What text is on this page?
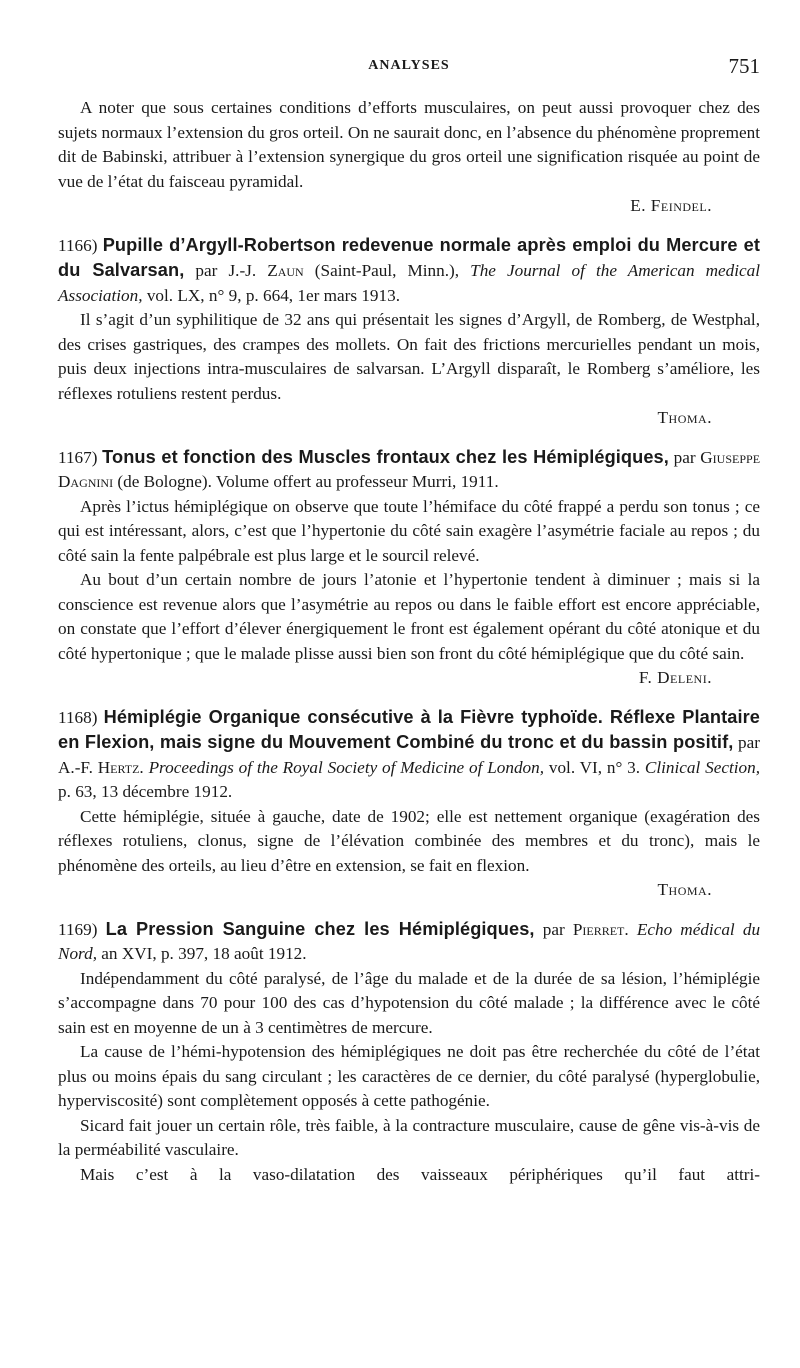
ANALYSES	751

A noter que sous certaines conditions d’efforts musculaires, on peut aussi provoquer chez des sujets normaux l’extension du gros orteil. On ne saurait donc, en l’absence du phénomène proprement dit de Babinski, attribuer à l’extension synergique du gros orteil une signification risquée au point de vue de l’état du faisceau pyramidal.

E. Feindel.

1166) Pupille d’Argyll-Robertson redevenue normale après emploi du Mercure et du Salvarsan, par J.-J. Zaun (Saint-Paul, Minn.), The Journal of the American medical Association, vol. LX, n° 9, p. 664, 1er mars 1913.

Il s’agit d’un syphilitique de 32 ans qui présentait les signes d’Argyll, de Romberg, de Westphal, des crises gastriques, des crampes des mollets. On fait des frictions mercurielles pendant un mois, puis deux injections intra-musculaires de salvarsan. L’Argyll disparaît, le Romberg s’améliore, les réflexes rotuliens restent perdus.

Thoma.

1167) Tonus et fonction des Muscles frontaux chez les Hémiplégiques, par Giuseppe Dagnini (de Bologne). Volume offert au professeur Murri, 1911.

Après l’ictus hémiplégique on observe que toute l’hémiface du côté frappé a perdu son tonus ; ce qui est intéressant, alors, c’est que l’hypertonie du côté sain exagère l’asymétrie faciale au repos ; du côté sain la fente palpébrale est plus large et le sourcil relevé.

Au bout d’un certain nombre de jours l’atonie et l’hypertonie tendent à diminuer ; mais si la conscience est revenue alors que l’asymétrie au repos ou dans le faible effort est encore appréciable, on constate que l’effort d’élever énergiquement le front est également opérant du côté atonique et du côté hypertonique ; que le malade plisse aussi bien son front du côté hémiplégique que du côté sain.

F. Deleni.

1168) Hémiplégie Organique consécutive à la Fièvre typhoïde. Réflexe Plantaire en Flexion, mais signe du Mouvement Combiné du tronc et du bassin positif, par A.-F. Hertz. Proceedings of the Royal Society of Medicine of London, vol. VI, n° 3. Clinical Section, p. 63, 13 décembre 1912.

Cette hémiplégie, située à gauche, date de 1902; elle est nettement organique (exagération des réflexes rotuliens, clonus, signe de l’élévation combinée des membres et du tronc), mais le phénomène des orteils, au lieu d’être en extension, se fait en flexion.

Thoma.

1169) La Pression Sanguine chez les Hémiplégiques, par Pierret. Echo médical du Nord, an XVI, p. 397, 18 août 1912.

Indépendamment du côté paralysé, de l’âge du malade et de la durée de sa lésion, l’hémiplégie s’accompagne dans 70 pour 100 des cas d’hypotension du côté malade ; la différence avec le côté sain est en moyenne de un à 3 centimètres de mercure.

La cause de l’hémi-hypotension des hémiplégiques ne doit pas être recherchée du côté de l’état plus ou moins épais du sang circulant ; les caractères de ce dernier, du côté paralysé (hyperglobulie, hyperviscosité) sont complètement opposés à cette pathogénie.

Sicard fait jouer un certain rôle, très faible, à la contracture musculaire, cause de gêne vis-à-vis de la perméabilité vasculaire.

Mais c’est à la vaso-dilatation des vaisseaux périphériques qu’il faut attri-
